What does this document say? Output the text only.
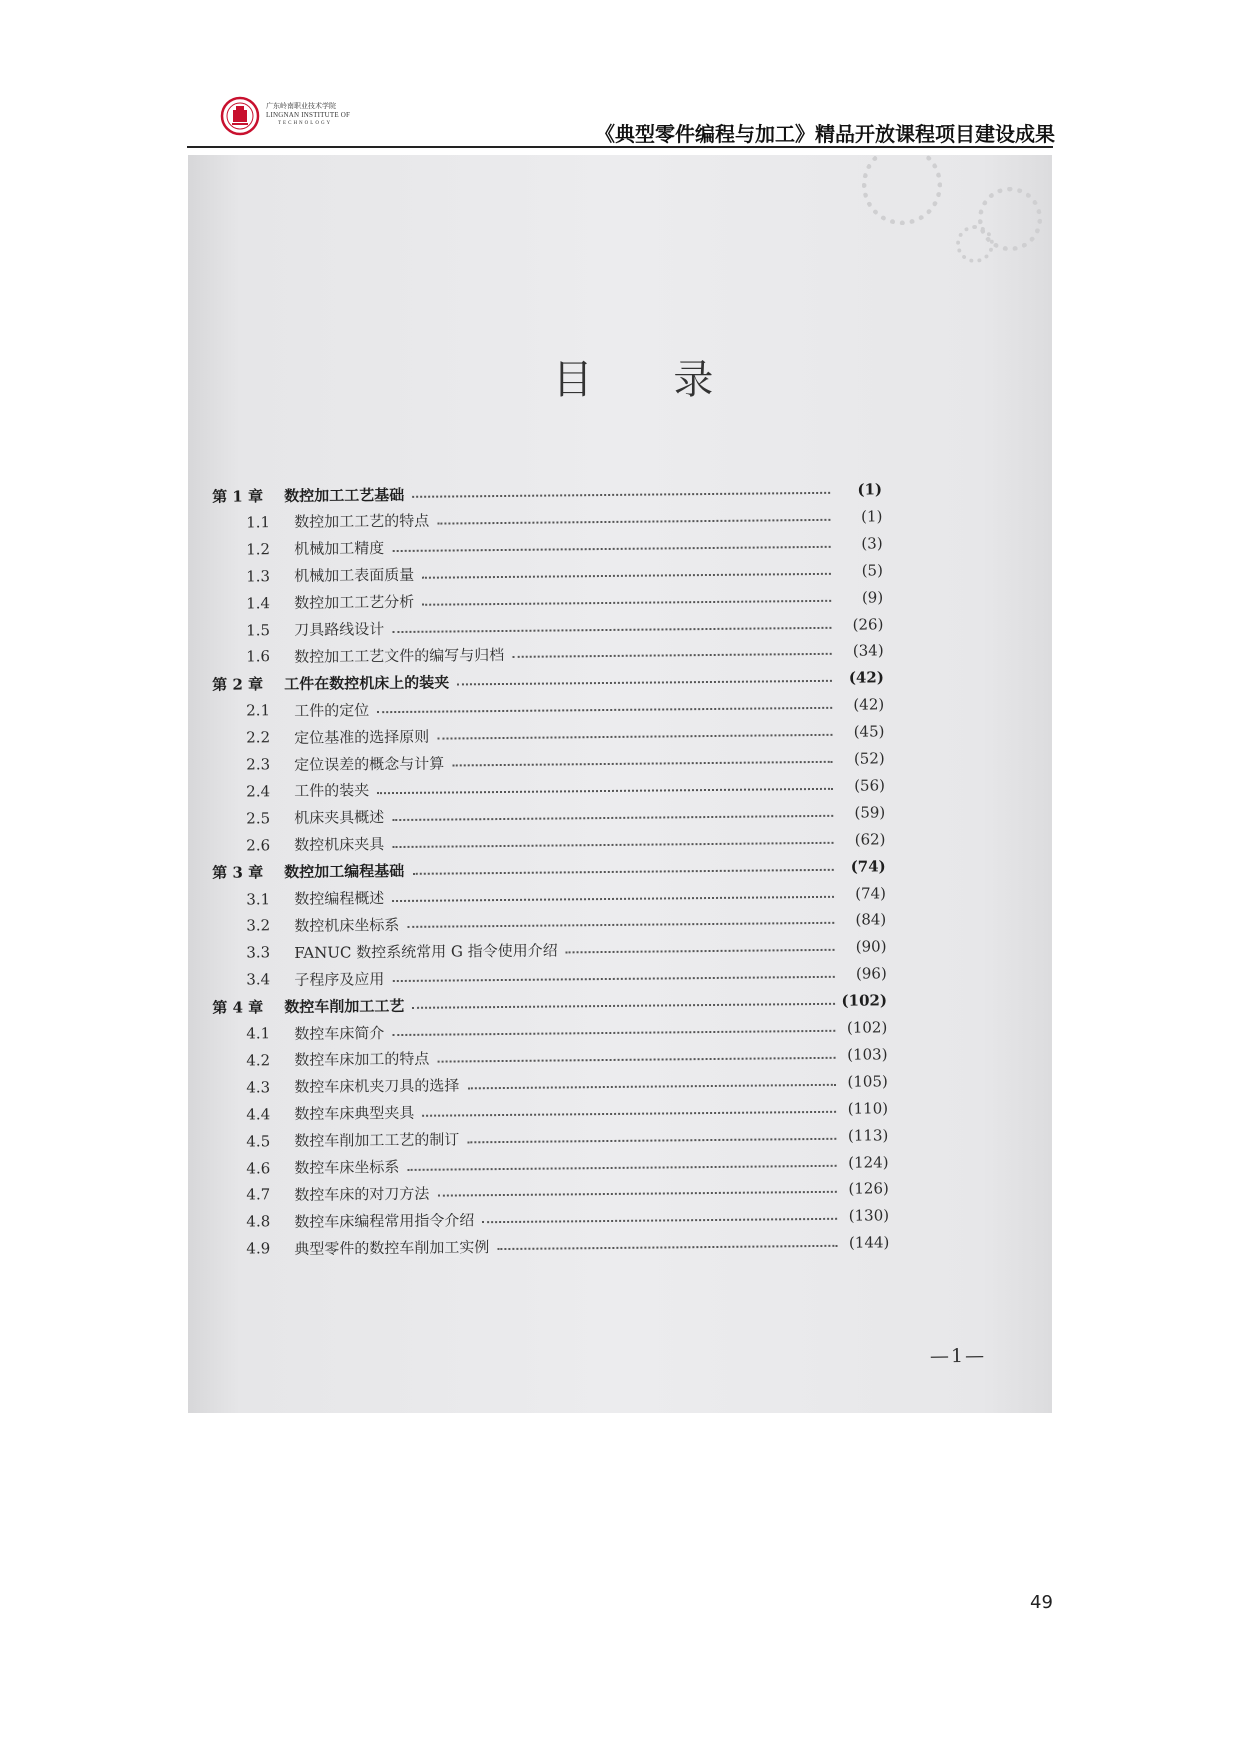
广东岭南职业技术学院
LINGNAN INSTITUTE OF
TECHNOLOGY	《典型零件编程与加工》精品开放课程项目建设成果
目 录
第 1 章	数控加工工艺基础	(1)
1.1	数控加工工艺的特点	(1)
1.2	机械加工精度	(3)
1.3	机械加工表面质量	(5)
1.4	数控加工工艺分析	(9)
1.5	刀具路线设计	(26)
1.6	数控加工工艺文件的编写与归档	(34)
第 2 章	工件在数控机床上的装夹	(42)
2.1	工件的定位	(42)
2.2	定位基准的选择原则	(45)
2.3	定位误差的概念与计算	(52)
2.4	工件的装夹	(56)
2.5	机床夹具概述	(59)
2.6	数控机床夹具	(62)
第 3 章	数控加工编程基础	(74)
3.1	数控编程概述	(74)
3.2	数控机床坐标系	(84)
3.3	FANUC 数控系统常用 G 指令使用介绍	(90)
3.4	子程序及应用	(96)
第 4 章	数控车削加工工艺	(102)
4.1	数控车床简介	(102)
4.2	数控车床加工的特点	(103)
4.3	数控车床机夹刀具的选择	(105)
4.4	数控车床典型夹具	(110)
4.5	数控车削加工工艺的制订	(113)
4.6	数控车床坐标系	(124)
4.7	数控车床的对刀方法	(126)
4.8	数控车床编程常用指令介绍	(130)
4.9	典型零件的数控车削加工实例	(144)
—1—
49
